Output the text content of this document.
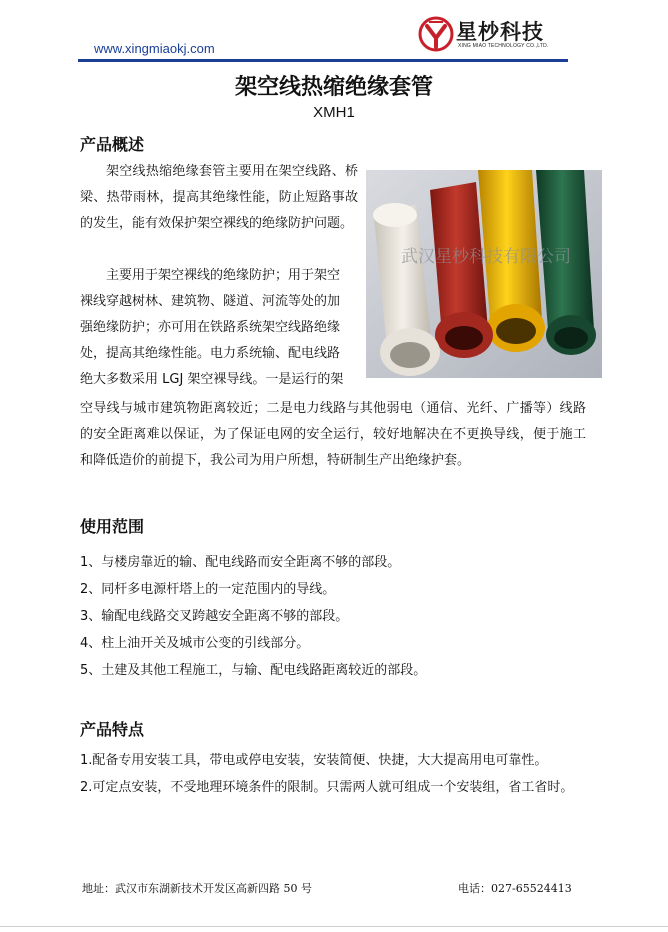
www.xingmiaokj.com
星杪科技
XING MIAO TECHNOLOGY CO.,LTD.
架空线热缩绝缘套管
XMH1
产品概述

架空线热缩绝缘套管主要用在架空线路、桥梁、热带雨林，提高其绝缘性能，防止短路事故的发生，能有效保护架空裸线的绝缘防护问题。

主要用于架空裸线的绝缘防护；用于架空
裸线穿越树林、建筑物、隧道、河流等处的加
强绝缘防护；亦可用在铁路系统架空线路绝缘
处，提高其绝缘性能。电力系统输、配电线路
绝大多数采用 LGJ 架空裸导线。一是运行的架

空导线与城市建筑物距离较近；二是电力线路与其他弱电（通信、光纤、广播等）线路的安全距离难以保证，为了保证电网的安全运行，较好地解决在不更换导线，便于施工和降低造价的前提下，我公司为用户所想，特研制生产出绝缘护套。

武汉星杪科技有限公司
使用范围
1、与楼房靠近的输、配电线路而安全距离不够的部段。
2、同杆多电源杆塔上的一定范围内的导线。
3、输配电线路交叉跨越安全距离不够的部段。
4、柱上油开关及城市公变的引线部分。
5、土建及其他工程施工，与输、配电线路距离较近的部段。
产品特点

1.配备专用安装工具，带电或停电安装，安装简便、快捷，大大提高用电可靠性。

2.可定点安装，不受地理环境条件的限制。只需两人就可组成一个安装组，省工省时。

地址：武汉市东湖新技术开发区高新四路 50 号	电话：027-65524413
